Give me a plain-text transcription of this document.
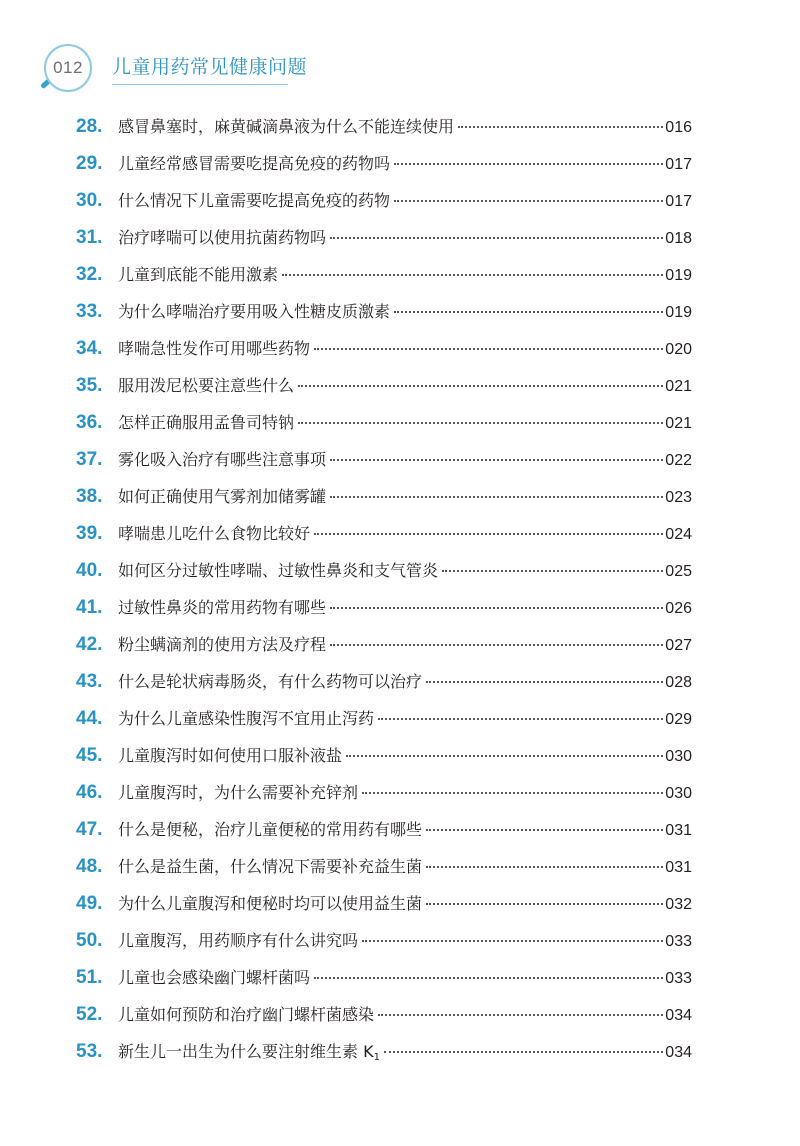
012	儿童用药常见健康问题
28. 感冒鼻塞时，麻黄碱滴鼻液为什么不能连续使用	016
29. 儿童经常感冒需要吃提高免疫的药物吗	017
30. 什么情况下儿童需要吃提高免疫的药物	017
31. 治疗哮喘可以使用抗菌药物吗	018
32. 儿童到底能不能用激素	019
33. 为什么哮喘治疗要用吸入性糖皮质激素	019
34. 哮喘急性发作可用哪些药物	020
35. 服用泼尼松要注意些什么	021
36. 怎样正确服用孟鲁司特钠	021
37. 雾化吸入治疗有哪些注意事项	022
38. 如何正确使用气雾剂加储雾罐	023
39. 哮喘患儿吃什么食物比较好	024
40. 如何区分过敏性哮喘、过敏性鼻炎和支气管炎	025
41. 过敏性鼻炎的常用药物有哪些	026
42. 粉尘螨滴剂的使用方法及疗程	027
43. 什么是轮状病毒肠炎，有什么药物可以治疗	028
44. 为什么儿童感染性腹泻不宜用止泻药	029
45. 儿童腹泻时如何使用口服补液盐	030
46. 儿童腹泻时，为什么需要补充锌剂	030
47. 什么是便秘，治疗儿童便秘的常用药有哪些	031
48. 什么是益生菌，什么情况下需要补充益生菌	031
49. 为什么儿童腹泻和便秘时均可以使用益生菌	032
50. 儿童腹泻，用药顺序有什么讲究吗	033
51. 儿童也会感染幽门螺杆菌吗	033
52. 儿童如何预防和治疗幽门螺杆菌感染	034
53. 新生儿一出生为什么要注射维生素 $K_1$	034
